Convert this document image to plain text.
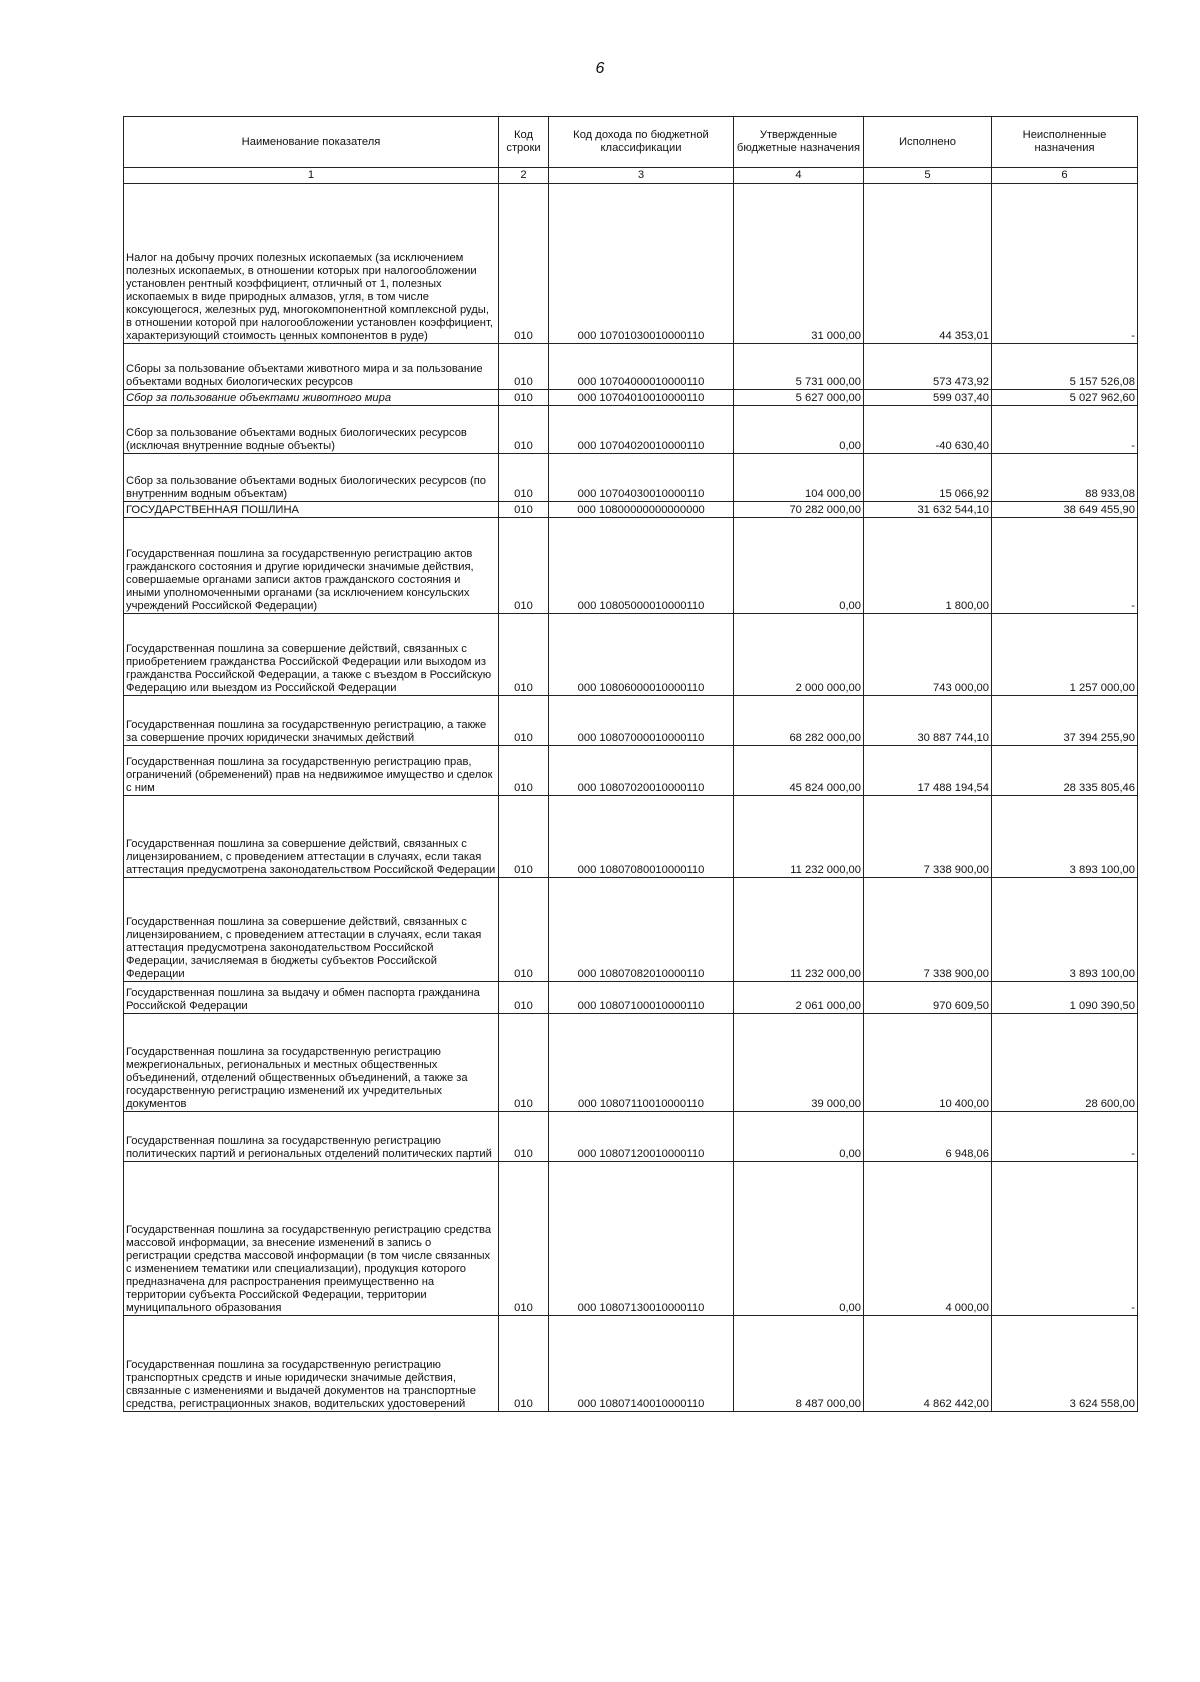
6
Наименование показателя	Код строки	Код дохода по бюджетной классификации	Утвержденные бюджетные назначения	Исполнено	Неисполненные назначения
1	2	3	4	5	6
Налог на добычу прочих полезных ископаемых (за исключением полезных ископаемых, в отношении которых при налогообложении установлен рентный коэффициент, отличный от 1, полезных ископаемых в виде природных алмазов, угля, в том числе коксующегося, железных руд, многокомпонентной комплексной руды, в отношении которой при налогообложении установлен коэффициент, характеризующий стоимость ценных компонентов в руде)	010	000 10701030010000110	31 000,00	44 353,01	-
Сборы за пользование объектами животного мира и за пользование объектами водных биологических ресурсов	010	000 10704000010000110	5 731 000,00	573 473,92	5 157 526,08
Сбор за пользование объектами животного мира	010	000 10704010010000110	5 627 000,00	599 037,40	5 027 962,60
Сбор за пользование объектами водных биологических ресурсов (исключая внутренние водные объекты)	010	000 10704020010000110	0,00	-40 630,40	-
Сбор за пользование объектами водных биологических ресурсов (по внутренним водным объектам)	010	000 10704030010000110	104 000,00	15 066,92	88 933,08
ГОСУДАРСТВЕННАЯ ПОШЛИНА	010	000 10800000000000000	70 282 000,00	31 632 544,10	38 649 455,90
Государственная пошлина за государственную регистрацию актов гражданского состояния и другие юридически значимые действия, совершаемые органами записи актов гражданского состояния и иными уполномоченными органами (за исключением консульских учреждений Российской Федерации)	010	000 10805000010000110	0,00	1 800,00	-
Государственная пошлина за совершение действий, связанных с приобретением гражданства Российской Федерации или выходом из гражданства Российской Федерации, а также с въездом в Российскую Федерацию или выездом из Российской Федерации	010	000 10806000010000110	2 000 000,00	743 000,00	1 257 000,00
Государственная пошлина за государственную регистрацию, а также за совершение прочих юридически значимых действий	010	000 10807000010000110	68 282 000,00	30 887 744,10	37 394 255,90
Государственная пошлина за государственную регистрацию прав, ограничений (обременений) прав на недвижимое имущество и сделок с ним	010	000 10807020010000110	45 824 000,00	17 488 194,54	28 335 805,46
Государственная пошлина за совершение действий, связанных с лицензированием, с проведением аттестации в случаях, если такая аттестация предусмотрена законодательством Российской Федерации	010	000 10807080010000110	11 232 000,00	7 338 900,00	3 893 100,00
Государственная пошлина за совершение действий, связанных с лицензированием, с проведением аттестации в случаях, если такая аттестация предусмотрена законодательством Российской Федерации, зачисляемая в бюджеты субъектов Российской Федерации	010	000 10807082010000110	11 232 000,00	7 338 900,00	3 893 100,00
Государственная пошлина за выдачу и обмен паспорта гражданина Российской Федерации	010	000 10807100010000110	2 061 000,00	970 609,50	1 090 390,50
Государственная пошлина за государственную регистрацию межрегиональных, региональных и местных общественных объединений, отделений общественных объединений, а также за государственную регистрацию изменений их учредительных документов	010	000 10807110010000110	39 000,00	10 400,00	28 600,00
Государственная пошлина за государственную регистрацию политических партий и региональных отделений политических партий	010	000 10807120010000110	0,00	6 948,06	-
Государственная пошлина за государственную регистрацию средства массовой информации, за внесение изменений в запись о регистрации средства массовой информации (в том числе связанных с изменением тематики или специализации), продукция которого предназначена для распространения преимущественно на территории субъекта Российской Федерации, территории муниципального образования	010	000 10807130010000110	0,00	4 000,00	-
Государственная пошлина за государственную регистрацию транспортных средств и иные юридически значимые действия, связанные с изменениями и выдачей документов на транспортные средства, регистрационных знаков, водительских удостоверений	010	000 10807140010000110	8 487 000,00	4 862 442,00	3 624 558,00
